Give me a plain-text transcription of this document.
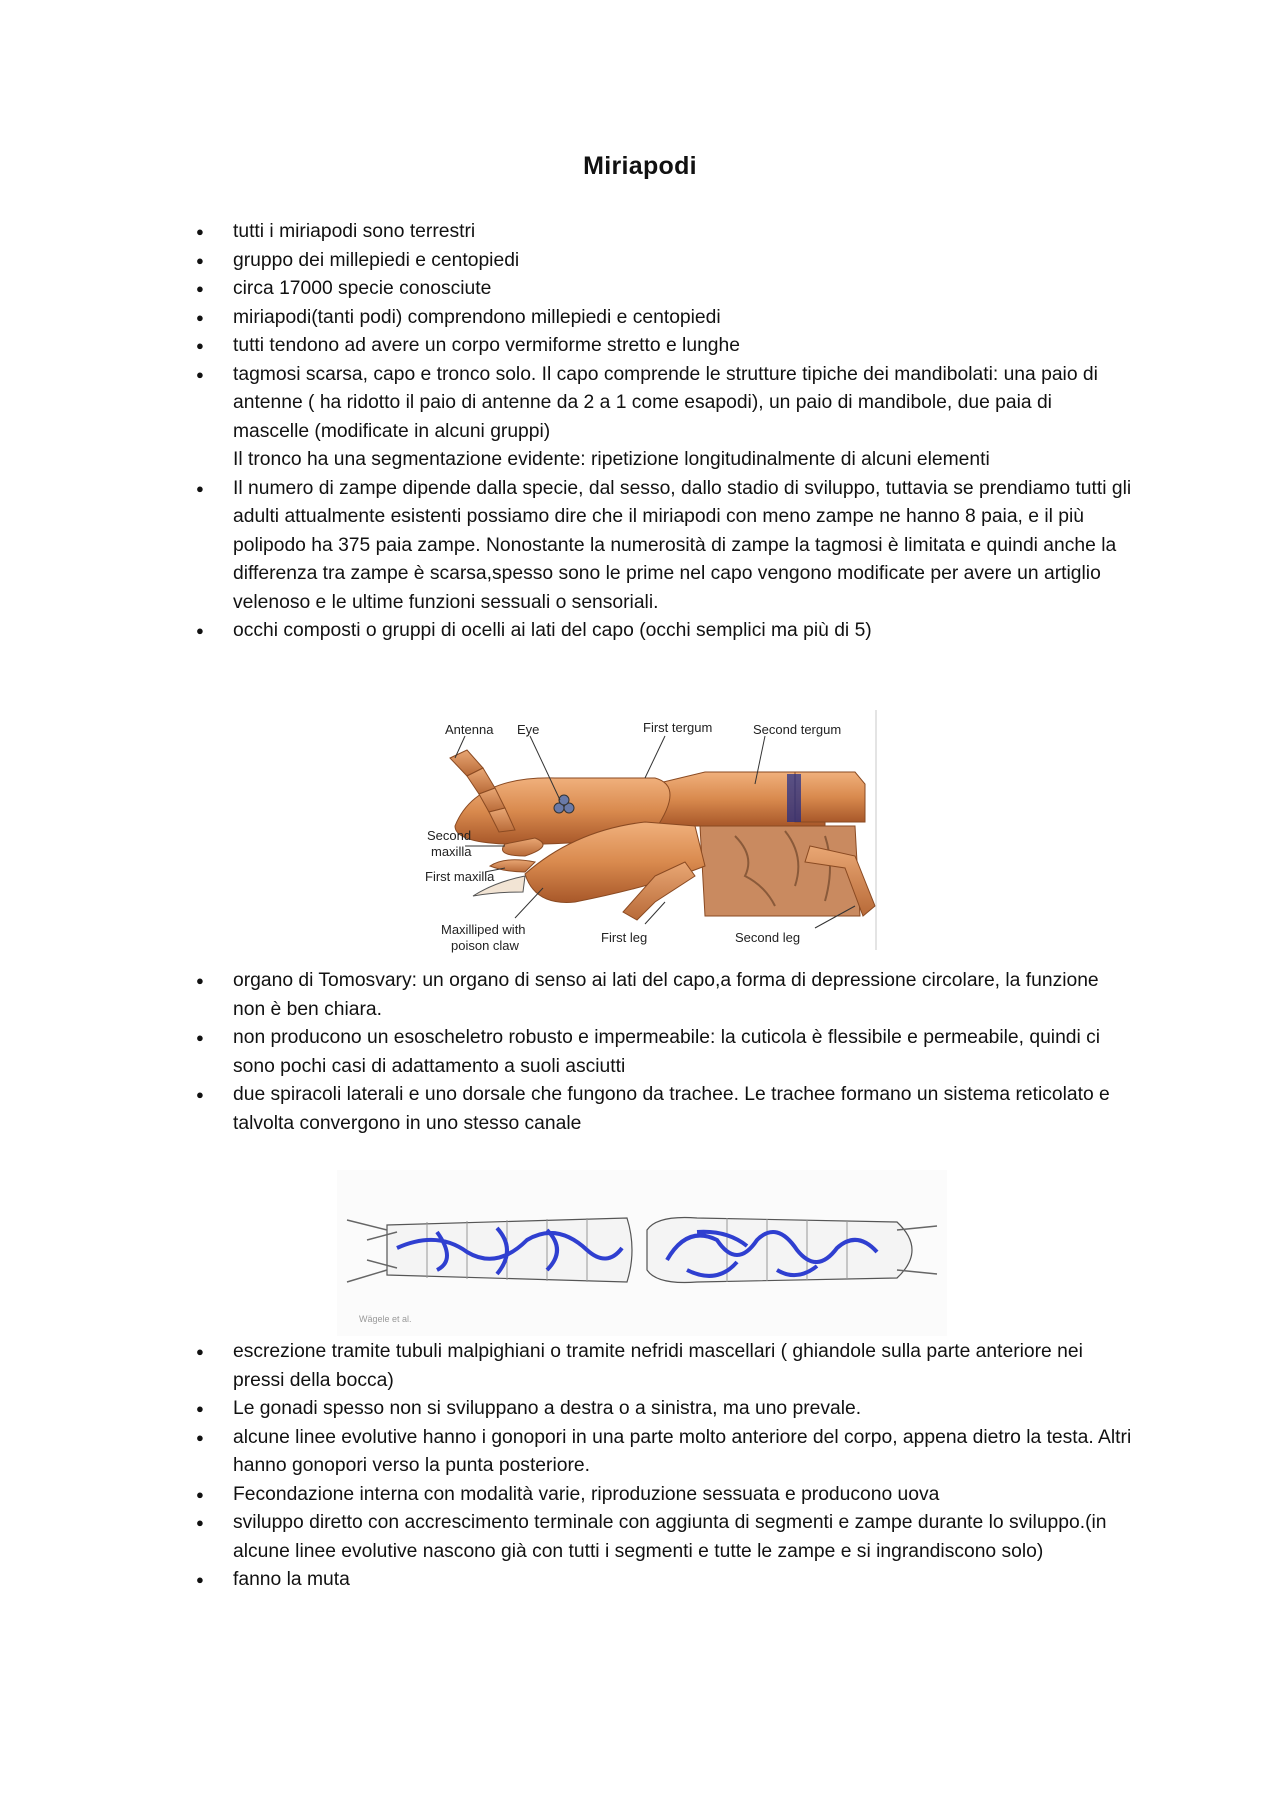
Miriapodi
● tutti i miriapodi sono terrestri
● gruppo dei millepiedi e centopiedi
● circa 17000 specie conosciute
● miriapodi(tanti podi) comprendono millepiedi e centopiedi
● tutti tendono ad avere un corpo vermiforme stretto e lunghe
● tagmosi scarsa, capo e tronco solo. Il capo comprende le strutture tipiche dei mandibolati: una paio di antenne ( ha ridotto il paio di antenne da 2 a 1 come esapodi), un paio di mandibole, due paia di mascelle (modificate in alcuni gruppi)
Il tronco ha una segmentazione evidente: ripetizione longitudinalmente di alcuni elementi
● Il numero di zampe dipende dalla specie, dal sesso, dallo stadio di sviluppo, tuttavia se prendiamo tutti gli adulti attualmente esistenti possiamo dire che il miriapodi con meno zampe ne hanno 8 paia, e il più polipodo ha 375 paia zampe. Nonostante la numerosità di zampe la tagmosi è limitata e quindi anche la differenza tra zampe è scarsa,spesso sono le prime nel capo vengono modificate per avere un artiglio velenoso e le ultime funzioni sessuali o sensoriali.
● occhi composti o gruppi di ocelli ai lati del capo (occhi semplici ma più di 5)
Antenna Eye	First tergum	Second tergum
Second
maxilla
First maxilla
Maxilliped with
poison claw
First leg	Second leg
● organo di Tomosvary: un organo di senso ai lati del capo,a forma di depressione circolare, la funzione non è ben chiara.
● non producono un esoscheletro robusto e impermeabile: la cuticola è flessibile e permeabile, quindi ci sono pochi casi di adattamento a suoli asciutti
● due spiracoli laterali e uno dorsale che fungono da trachee. Le trachee formano un sistema reticolato e talvolta convergono in uno stesso canale
Wägele et al.
● escrezione tramite tubuli malpighiani o tramite nefridi mascellari ( ghiandole sulla parte anteriore nei pressi della bocca)
● Le gonadi spesso non si sviluppano a destra o a sinistra, ma uno prevale.
● alcune linee evolutive hanno i gonopori in una parte molto anteriore del corpo, appena dietro la testa. Altri hanno gonopori verso la punta posteriore.
● Fecondazione interna con modalità varie, riproduzione sessuata e producono uova
● sviluppo diretto con accrescimento terminale con aggiunta di segmenti e zampe durante lo sviluppo.(in alcune linee evolutive nascono già con tutti i segmenti e tutte le zampe e si ingrandiscono solo)
● fanno la muta
